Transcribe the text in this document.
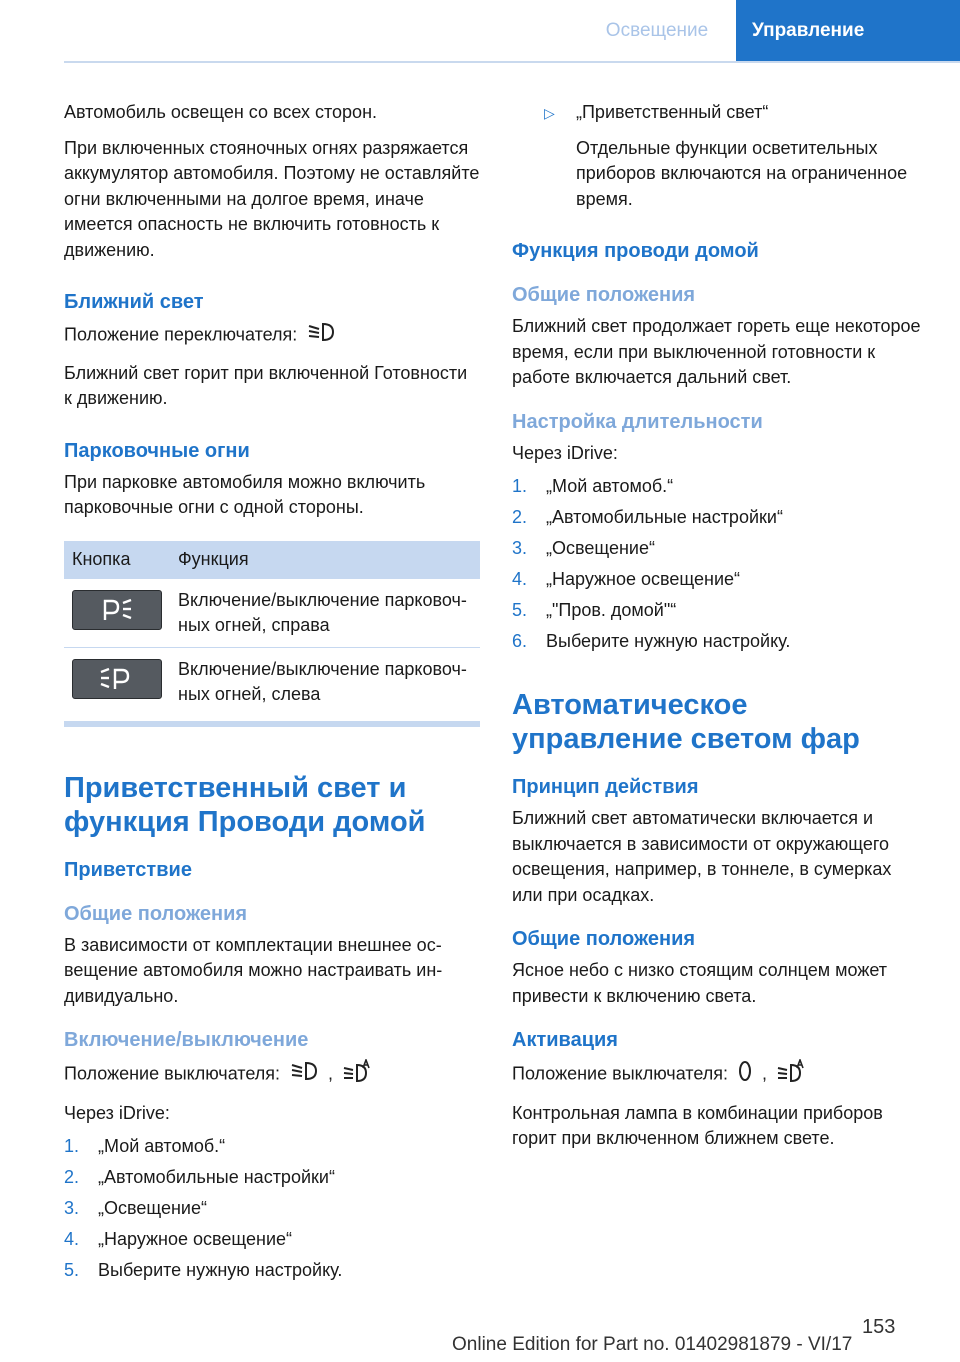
Освещение	Управление

Автомобиль освещен со всех сторон.

При включенных стояночных огнях разряжается аккумулятор автомобиля. Поэтому не оставляйте огни включенными на долгое время, иначе имеется опасность не включить готовность к движению.

Ближний свет

Положение переключателя:

Ближний свет горит при включенной Готовности к движению.

Парковочные огни

При парковке автомобиля можно включить парковочные огни с одной стороны.

Кнопка	Функция

	Включение/выключение парковочных огней, справа

	Включение/выключение парковочных огней, слева
Приветственный свет и функция Проводи домой
Приветствие
Общие положения

В зависимости от комплектации внешнее освещение автомобиля можно настраивать индивидуально.

Включение/выключение

Положение выключателя:	,

Через iDrive:

1. „Мой автомоб.“
2. „Автомобильные настройки“
3. „Освещение“
4. „Наружное освещение“
5. Выберите нужную настройку.
▷ „Приветственный свет“
Отдельные функции осветительных приборов включаются на ограниченное время.
Функция проводи домой
Общие положения

Ближний свет продолжает гореть еще некоторое время, если при выключенной готовности к работе включается дальний свет.

Настройка длительности

Через iDrive:

1. „Мой автомоб.“
2. „Автомобильные настройки“
3. „Освещение“
4. „Наружное освещение“
5. „"Пров. домой"“
6. Выберите нужную настройку.
Автоматическое управление светом фар
Принцип действия

Ближний свет автоматически включается и выключается в зависимости от окружающего освещения, например, в тоннеле, в сумерках или при осадках.

Общие положения

Ясное небо с низко стоящим солнцем может привести к включению света.

Активация

Положение выключателя: ,

Контрольная лампа в комбинации приборов горит при включенном ближнем свете.

153
Online Edition for Part no. 01402981879 - VI/17
